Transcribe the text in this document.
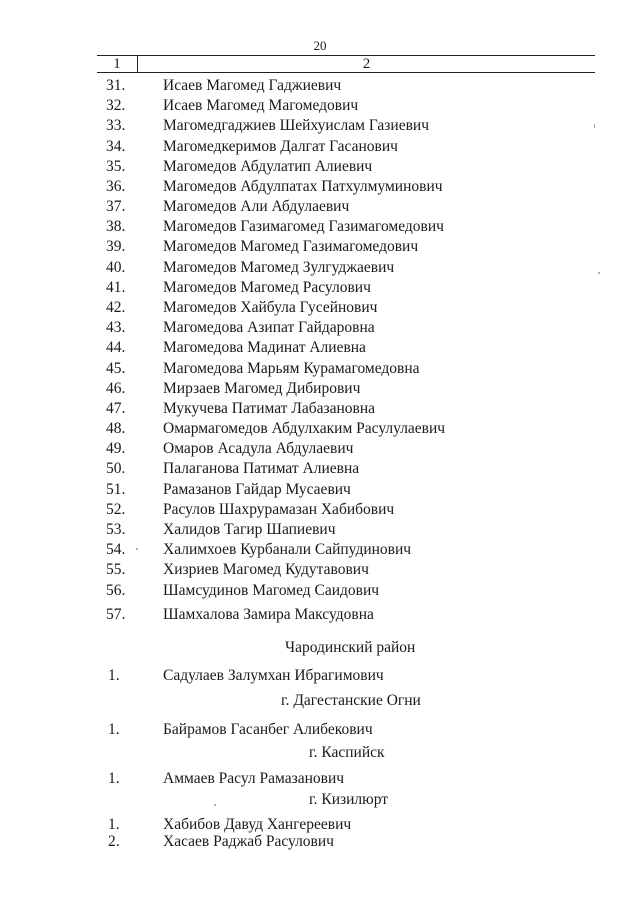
20
1	2
31.	Исаев Магомед Гаджиевич
32.	Исаев Магомед Магомедович
33.	Магомедгаджиев Шейхуислам Газиевич
34.	Магомедкеримов Далгат Гасанович
35.	Магомедов Абдулатип Алиевич
36.	Магомедов Абдулпатах Патхулмуминович
37.	Магомедов Али Абдулаевич
38.	Магомедов Газимагомед Газимагомедович
39.	Магомедов Магомед Газимагомедович
40.	Магомедов Магомед Зулгуджаевич
41.	Магомедов Магомед Расулович
42.	Магомедов Хайбула Гусейнович
43.	Магомедова Азипат Гайдаровна
44.	Магомедова Мадинат Алиевна
45.	Магомедова Марьям Курамагомедовна
46.	Мирзаев Магомед Дибирович
47.	Мукучева Патимат Лабазановна
48.	Омармагомедов Абдулхаким Расулулаевич
49.	Омаров Асадула Абдулаевич
50.	Палаганова Патимат Алиевна
51.	Рамазанов Гайдар Мусаевич
52.	Расулов Шахрурамазан Хабибович
53.	Халидов Тагир Шапиевич
54.	Халимхоев Курбанали Сайпудинович
55.	Хизриев Магомед Кудутавович
56.	Шамсудинов Магомед Саидович
57.	Шамхалова Замира Максудовна
Чародинский район
1.	Садулаев Залумхан Ибрагимович
г. Дагестанские Огни
1.	Байрамов Гасанбег Алибекович
г. Каспийск
1.	Аммаев Расул Рамазанович
г. Кизилюрт
1.	Хабибов Давуд Хангереевич
2.	Хасаев Раджаб Расулович
